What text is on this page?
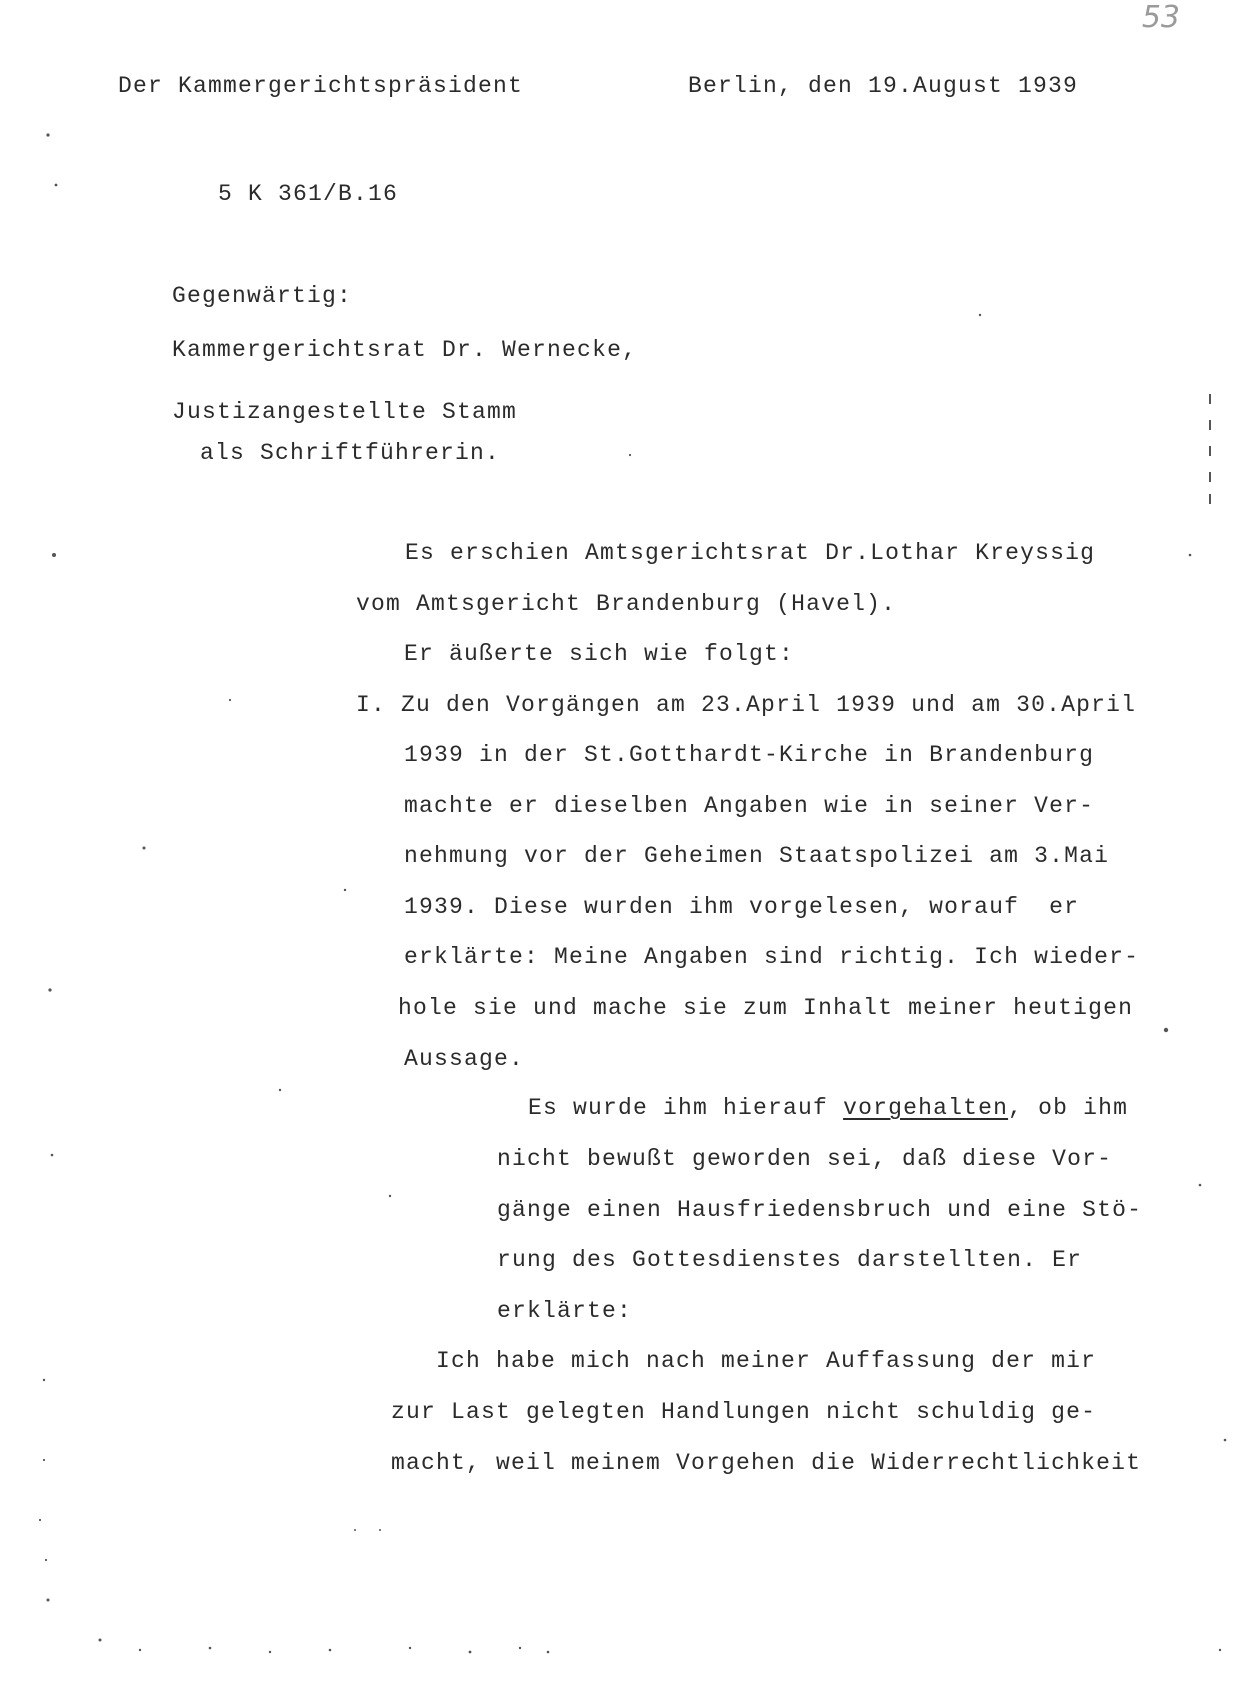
53
Der Kammergerichtspräsident	Berlin, den 19.August 1939
5 K 361/B.16
Gegenwärtig:
Kammergerichtsrat Dr. Wernecke,
Justizangestellte Stamm
als Schriftführerin.
Es erschien Amtsgerichtsrat Dr.Lothar Kreyssig
vom Amtsgericht Brandenburg (Havel).
Er äußerte sich wie folgt:
I. Zu den Vorgängen am 23.April 1939 und am 30.April
1939 in der St.Gotthardt-Kirche in Brandenburg
machte er dieselben Angaben wie in seiner Ver-
nehmung vor der Geheimen Staatspolizei am 3.Mai
1939. Diese wurden ihm vorgelesen, worauf  er
erklärte: Meine Angaben sind richtig. Ich wieder-
hole sie und mache sie zum Inhalt meiner heutigen
Aussage.
Es wurde ihm hierauf vorgehalten, ob ihm
nicht bewußt geworden sei, daß diese Vor-
gänge einen Hausfriedensbruch und eine Stö-
rung des Gottesdienstes darstellten. Er
erklärte:
Ich habe mich nach meiner Auffassung der mir
zur Last gelegten Handlungen nicht schuldig ge-
macht, weil meinem Vorgehen die Widerrechtlichkeit
